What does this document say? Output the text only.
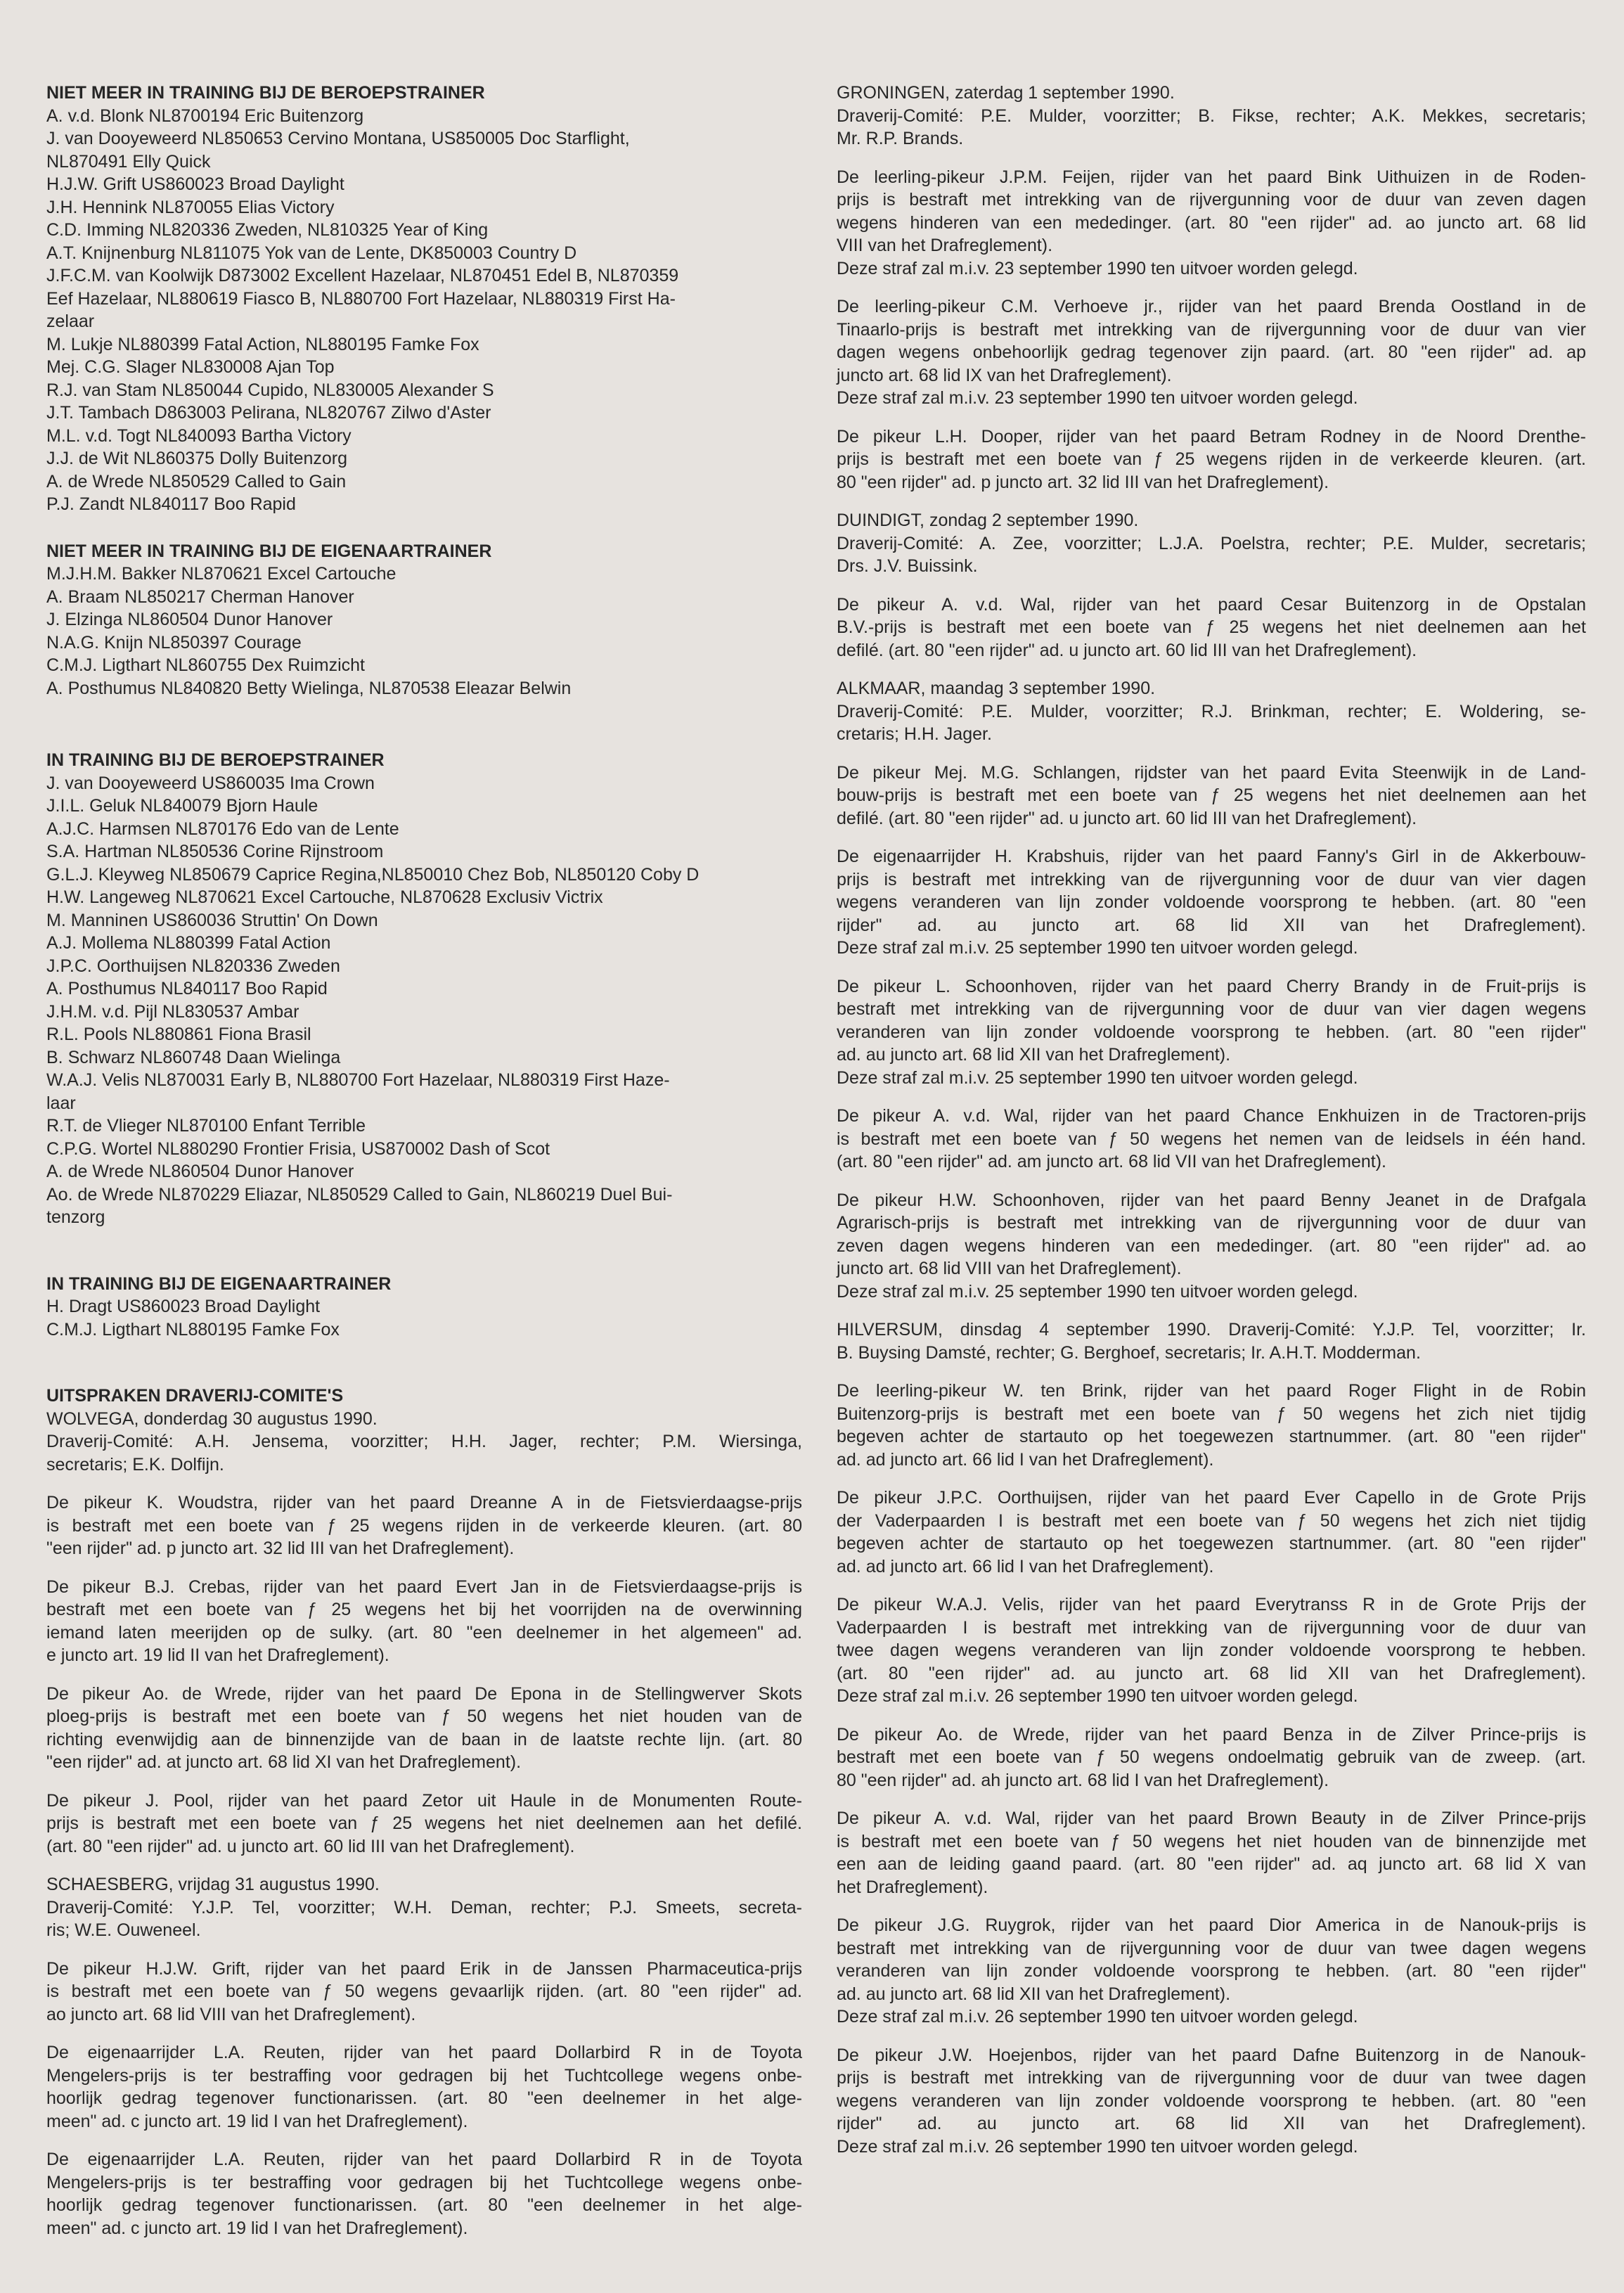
NIET MEER IN TRAINING BIJ DE BEROEPSTRAINER
A. v.d. Blonk NL8700194 Eric Buitenzorg
J. van Dooyeweerd NL850653 Cervino Montana, US850005 Doc Starflight,
NL870491 Elly Quick
H.J.W. Grift US860023 Broad Daylight
J.H. Hennink NL870055 Elias Victory
C.D. Imming NL820336 Zweden, NL810325 Year of King
A.T. Knijnenburg NL811075 Yok van de Lente, DK850003 Country D
J.F.C.M. van Koolwijk D873002 Excellent Hazelaar, NL870451 Edel B, NL870359
Eef Hazelaar, NL880619 Fiasco B, NL880700 Fort Hazelaar, NL880319 First Ha-
zelaar
M. Lukje NL880399 Fatal Action, NL880195 Famke Fox
Mej. C.G. Slager NL830008 Ajan Top
R.J. van Stam NL850044 Cupido, NL830005 Alexander S
J.T. Tambach D863003 Pelirana, NL820767 Zilwo d'Aster
M.L. v.d. Togt NL840093 Bartha Victory
J.J. de Wit NL860375 Dolly Buitenzorg
A. de Wrede NL850529 Called to Gain
P.J. Zandt NL840117 Boo Rapid
NIET MEER IN TRAINING BIJ DE EIGENAARTRAINER
M.J.H.M. Bakker NL870621 Excel Cartouche
A. Braam NL850217 Cherman Hanover
J. Elzinga NL860504 Dunor Hanover
N.A.G. Knijn NL850397 Courage
C.M.J. Ligthart NL860755 Dex Ruimzicht
A. Posthumus NL840820 Betty Wielinga, NL870538 Eleazar Belwin
IN TRAINING BIJ DE BEROEPSTRAINER
J. van Dooyeweerd US860035 Ima Crown
J.I.L. Geluk NL840079 Bjorn Haule
A.J.C. Harmsen NL870176 Edo van de Lente
S.A. Hartman NL850536 Corine Rijnstroom
G.L.J. Kleyweg NL850679 Caprice Regina,NL850010 Chez Bob, NL850120 Coby D
H.W. Langeweg NL870621 Excel Cartouche, NL870628 Exclusiv Victrix
M. Manninen US860036 Struttin' On Down
A.J. Mollema NL880399 Fatal Action
J.P.C. Oorthuijsen NL820336 Zweden
A. Posthumus NL840117 Boo Rapid
J.H.M. v.d. Pijl NL830537 Ambar
R.L. Pools NL880861 Fiona Brasil
B. Schwarz NL860748 Daan Wielinga
W.A.J. Velis NL870031 Early B, NL880700 Fort Hazelaar, NL880319 First Haze-
laar
R.T. de Vlieger NL870100 Enfant Terrible
C.P.G. Wortel NL880290 Frontier Frisia, US870002 Dash of Scot
A. de Wrede NL860504 Dunor Hanover
Ao. de Wrede NL870229 Eliazar, NL850529 Called to Gain, NL860219 Duel Bui-
tenzorg
IN TRAINING BIJ DE EIGENAARTRAINER
H. Dragt US860023 Broad Daylight
C.M.J. Ligthart NL880195 Famke Fox
UITSPRAKEN DRAVERIJ-COMITE'S
WOLVEGA, donderdag 30 augustus 1990.
Draverij-Comité: A.H. Jensema, voorzitter; H.H. Jager, rechter; P.M. Wiersinga,
secretaris; E.K. Dolfijn.
De pikeur K. Woudstra, rijder van het paard Dreanne A in de Fietsvierdaagse-prijs
is bestraft met een boete van ƒ 25 wegens rijden in de verkeerde kleuren. (art. 80
"een rijder" ad. p juncto art. 32 lid III van het Drafreglement).
De pikeur B.J. Crebas, rijder van het paard Evert Jan in de Fietsvierdaagse-prijs is
bestraft met een boete van ƒ 25 wegens het bij het voorrijden na de overwinning
iemand laten meerijden op de sulky. (art. 80 "een deelnemer in het algemeen" ad.
e juncto art. 19 lid II van het Drafreglement).
De pikeur Ao. de Wrede, rijder van het paard De Epona in de Stellingwerver Skots
ploeg-prijs is bestraft met een boete van ƒ 50 wegens het niet houden van de
richting evenwijdig aan de binnenzijde van de baan in de laatste rechte lijn. (art. 80
"een rijder" ad. at juncto art. 68 lid XI van het Drafreglement).
De pikeur J. Pool, rijder van het paard Zetor uit Haule in de Monumenten Route-
prijs is bestraft met een boete van ƒ 25 wegens het niet deelnemen aan het defilé.
(art. 80 "een rijder" ad. u juncto art. 60 lid III van het Drafreglement).
SCHAESBERG, vrijdag 31 augustus 1990.
Draverij-Comité: Y.J.P. Tel, voorzitter; W.H. Deman, rechter; P.J. Smeets, secreta-
ris; W.E. Ouweneel.
De pikeur H.J.W. Grift, rijder van het paard Erik in de Janssen Pharmaceutica-prijs
is bestraft met een boete van ƒ 50 wegens gevaarlijk rijden. (art. 80 "een rijder" ad.
ao juncto art. 68 lid VIII van het Drafreglement).
De eigenaarrijder L.A. Reuten, rijder van het paard Dollarbird R in de Toyota
Mengelers-prijs is ter bestraffing voor gedragen bij het Tuchtcollege wegens onbe-
hoorlijk gedrag tegenover functionarissen. (art. 80 "een deelnemer in het alge-
meen" ad. c juncto art. 19 lid I van het Drafreglement).
De eigenaarrijder L.A. Reuten, rijder van het paard Dollarbird R in de Toyota
Mengelers-prijs is ter bestraffing voor gedragen bij het Tuchtcollege wegens onbe-
hoorlijk gedrag tegenover functionarissen. (art. 80 "een deelnemer in het alge-
meen" ad. c juncto art. 19 lid I van het Drafreglement).
GRONINGEN, zaterdag 1 september 1990.
Draverij-Comité: P.E. Mulder, voorzitter; B. Fikse, rechter; A.K. Mekkes, secretaris;
Mr. R.P. Brands.
De leerling-pikeur J.P.M. Feijen, rijder van het paard Bink Uithuizen in de Roden-
prijs is bestraft met intrekking van de rijvergunning voor de duur van zeven dagen
wegens hinderen van een mededinger. (art. 80 "een rijder" ad. ao juncto art. 68 lid
VIII van het Drafreglement).
Deze straf zal m.i.v. 23 september 1990 ten uitvoer worden gelegd.
De leerling-pikeur C.M. Verhoeve jr., rijder van het paard Brenda Oostland in de
Tinaarlo-prijs is bestraft met intrekking van de rijvergunning voor de duur van vier
dagen wegens onbehoorlijk gedrag tegenover zijn paard. (art. 80 "een rijder" ad. ap
juncto art. 68 lid IX van het Drafreglement).
Deze straf zal m.i.v. 23 september 1990 ten uitvoer worden gelegd.
De pikeur L.H. Dooper, rijder van het paard Betram Rodney in de Noord Drenthe-
prijs is bestraft met een boete van ƒ 25 wegens rijden in de verkeerde kleuren. (art.
80 "een rijder" ad. p juncto art. 32 lid III van het Drafreglement).
DUINDIGT, zondag 2 september 1990.
Draverij-Comité: A. Zee, voorzitter; L.J.A. Poelstra, rechter; P.E. Mulder, secretaris;
Drs. J.V. Buissink.
De pikeur A. v.d. Wal, rijder van het paard Cesar Buitenzorg in de Opstalan
B.V.-prijs is bestraft met een boete van ƒ 25 wegens het niet deelnemen aan het
defilé. (art. 80 "een rijder" ad. u juncto art. 60 lid III van het Drafreglement).
ALKMAAR, maandag 3 september 1990.
Draverij-Comité: P.E. Mulder, voorzitter; R.J. Brinkman, rechter; E. Woldering, se-
cretaris; H.H. Jager.
De pikeur Mej. M.G. Schlangen, rijdster van het paard Evita Steenwijk in de Land-
bouw-prijs is bestraft met een boete van ƒ 25 wegens het niet deelnemen aan het
defilé. (art. 80 "een rijder" ad. u juncto art. 60 lid III van het Drafreglement).
De eigenaarrijder H. Krabshuis, rijder van het paard Fanny's Girl in de Akkerbouw-
prijs is bestraft met intrekking van de rijvergunning voor de duur van vier dagen
wegens veranderen van lijn zonder voldoende voorsprong te hebben. (art. 80 "een
rijder" ad. au juncto art. 68 lid XII van het Drafreglement).
Deze straf zal m.i.v. 25 september 1990 ten uitvoer worden gelegd.
De pikeur L. Schoonhoven, rijder van het paard Cherry Brandy in de Fruit-prijs is
bestraft met intrekking van de rijvergunning voor de duur van vier dagen wegens
veranderen van lijn zonder voldoende voorsprong te hebben. (art. 80 "een rijder"
ad. au juncto art. 68 lid XII van het Drafreglement).
Deze straf zal m.i.v. 25 september 1990 ten uitvoer worden gelegd.
De pikeur A. v.d. Wal, rijder van het paard Chance Enkhuizen in de Tractoren-prijs
is bestraft met een boete van ƒ 50 wegens het nemen van de leidsels in één hand.
(art. 80 "een rijder" ad. am juncto art. 68 lid VII van het Drafreglement).
De pikeur H.W. Schoonhoven, rijder van het paard Benny Jeanet in de Drafgala
Agrarisch-prijs is bestraft met intrekking van de rijvergunning voor de duur van
zeven dagen wegens hinderen van een mededinger. (art. 80 "een rijder" ad. ao
juncto art. 68 lid VIII van het Drafreglement).
Deze straf zal m.i.v. 25 september 1990 ten uitvoer worden gelegd.
HILVERSUM, dinsdag 4 september 1990. Draverij-Comité: Y.J.P. Tel, voorzitter; Ir.
B. Buysing Damsté, rechter; G. Berghoef, secretaris; Ir. A.H.T. Modderman.
De leerling-pikeur W. ten Brink, rijder van het paard Roger Flight in de Robin
Buitenzorg-prijs is bestraft met een boete van ƒ 50 wegens het zich niet tijdig
begeven achter de startauto op het toegewezen startnummer. (art. 80 "een rijder"
ad. ad juncto art. 66 lid I van het Drafreglement).
De pikeur J.P.C. Oorthuijsen, rijder van het paard Ever Capello in de Grote Prijs
der Vaderpaarden I is bestraft met een boete van ƒ 50 wegens het zich niet tijdig
begeven achter de startauto op het toegewezen startnummer. (art. 80 "een rijder"
ad. ad juncto art. 66 lid I van het Drafreglement).
De pikeur W.A.J. Velis, rijder van het paard Everytranss R in de Grote Prijs der
Vaderpaarden I is bestraft met intrekking van de rijvergunning voor de duur van
twee dagen wegens veranderen van lijn zonder voldoende voorsprong te hebben.
(art. 80 "een rijder" ad. au juncto art. 68 lid XII van het Drafreglement).
Deze straf zal m.i.v. 26 september 1990 ten uitvoer worden gelegd.
De pikeur Ao. de Wrede, rijder van het paard Benza in de Zilver Prince-prijs is
bestraft met een boete van ƒ 50 wegens ondoelmatig gebruik van de zweep. (art.
80 "een rijder" ad. ah juncto art. 68 lid I van het Drafreglement).
De pikeur A. v.d. Wal, rijder van het paard Brown Beauty in de Zilver Prince-prijs
is bestraft met een boete van ƒ 50 wegens het niet houden van de binnenzijde met
een aan de leiding gaand paard. (art. 80 "een rijder" ad. aq juncto art. 68 lid X van
het Drafreglement).
De pikeur J.G. Ruygrok, rijder van het paard Dior America in de Nanouk-prijs is
bestraft met intrekking van de rijvergunning voor de duur van twee dagen wegens
veranderen van lijn zonder voldoende voorsprong te hebben. (art. 80 "een rijder"
ad. au juncto art. 68 lid XII van het Drafreglement).
Deze straf zal m.i.v. 26 september 1990 ten uitvoer worden gelegd.
De pikeur J.W. Hoejenbos, rijder van het paard Dafne Buitenzorg in de Nanouk-
prijs is bestraft met intrekking van de rijvergunning voor de duur van twee dagen
wegens veranderen van lijn zonder voldoende voorsprong te hebben. (art. 80 "een
rijder" ad. au juncto art. 68 lid XII van het Drafreglement).
Deze straf zal m.i.v. 26 september 1990 ten uitvoer worden gelegd.
